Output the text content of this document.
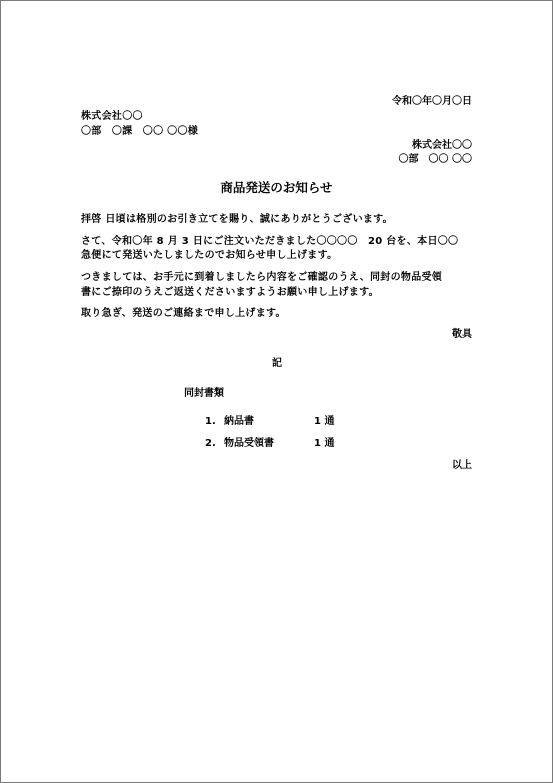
令和〇年〇月〇日
株式会社〇〇
〇部　〇課　〇〇 〇〇様
株式会社〇〇
〇部　〇〇 〇〇
商品発送のお知らせ
拝啓 日頃は格別のお引き立てを賜り、誠にありがとうございます。
さて、令和〇年 8 月 3 日にご注文いただきました〇〇〇〇　20 台を、本日〇〇
急便にて発送いたしましたのでお知らせ申し上げます。
つきましては、お手元に到着しましたら内容をご確認のうえ、同封の物品受領
書にご捺印のうえご返送くださいますようお願い申し上げます。
取り急ぎ、発送のご連絡まで申し上げます。
敬具
記
同封書類
1. 納品書	1 通
2. 物品受領書	1 通
以上
